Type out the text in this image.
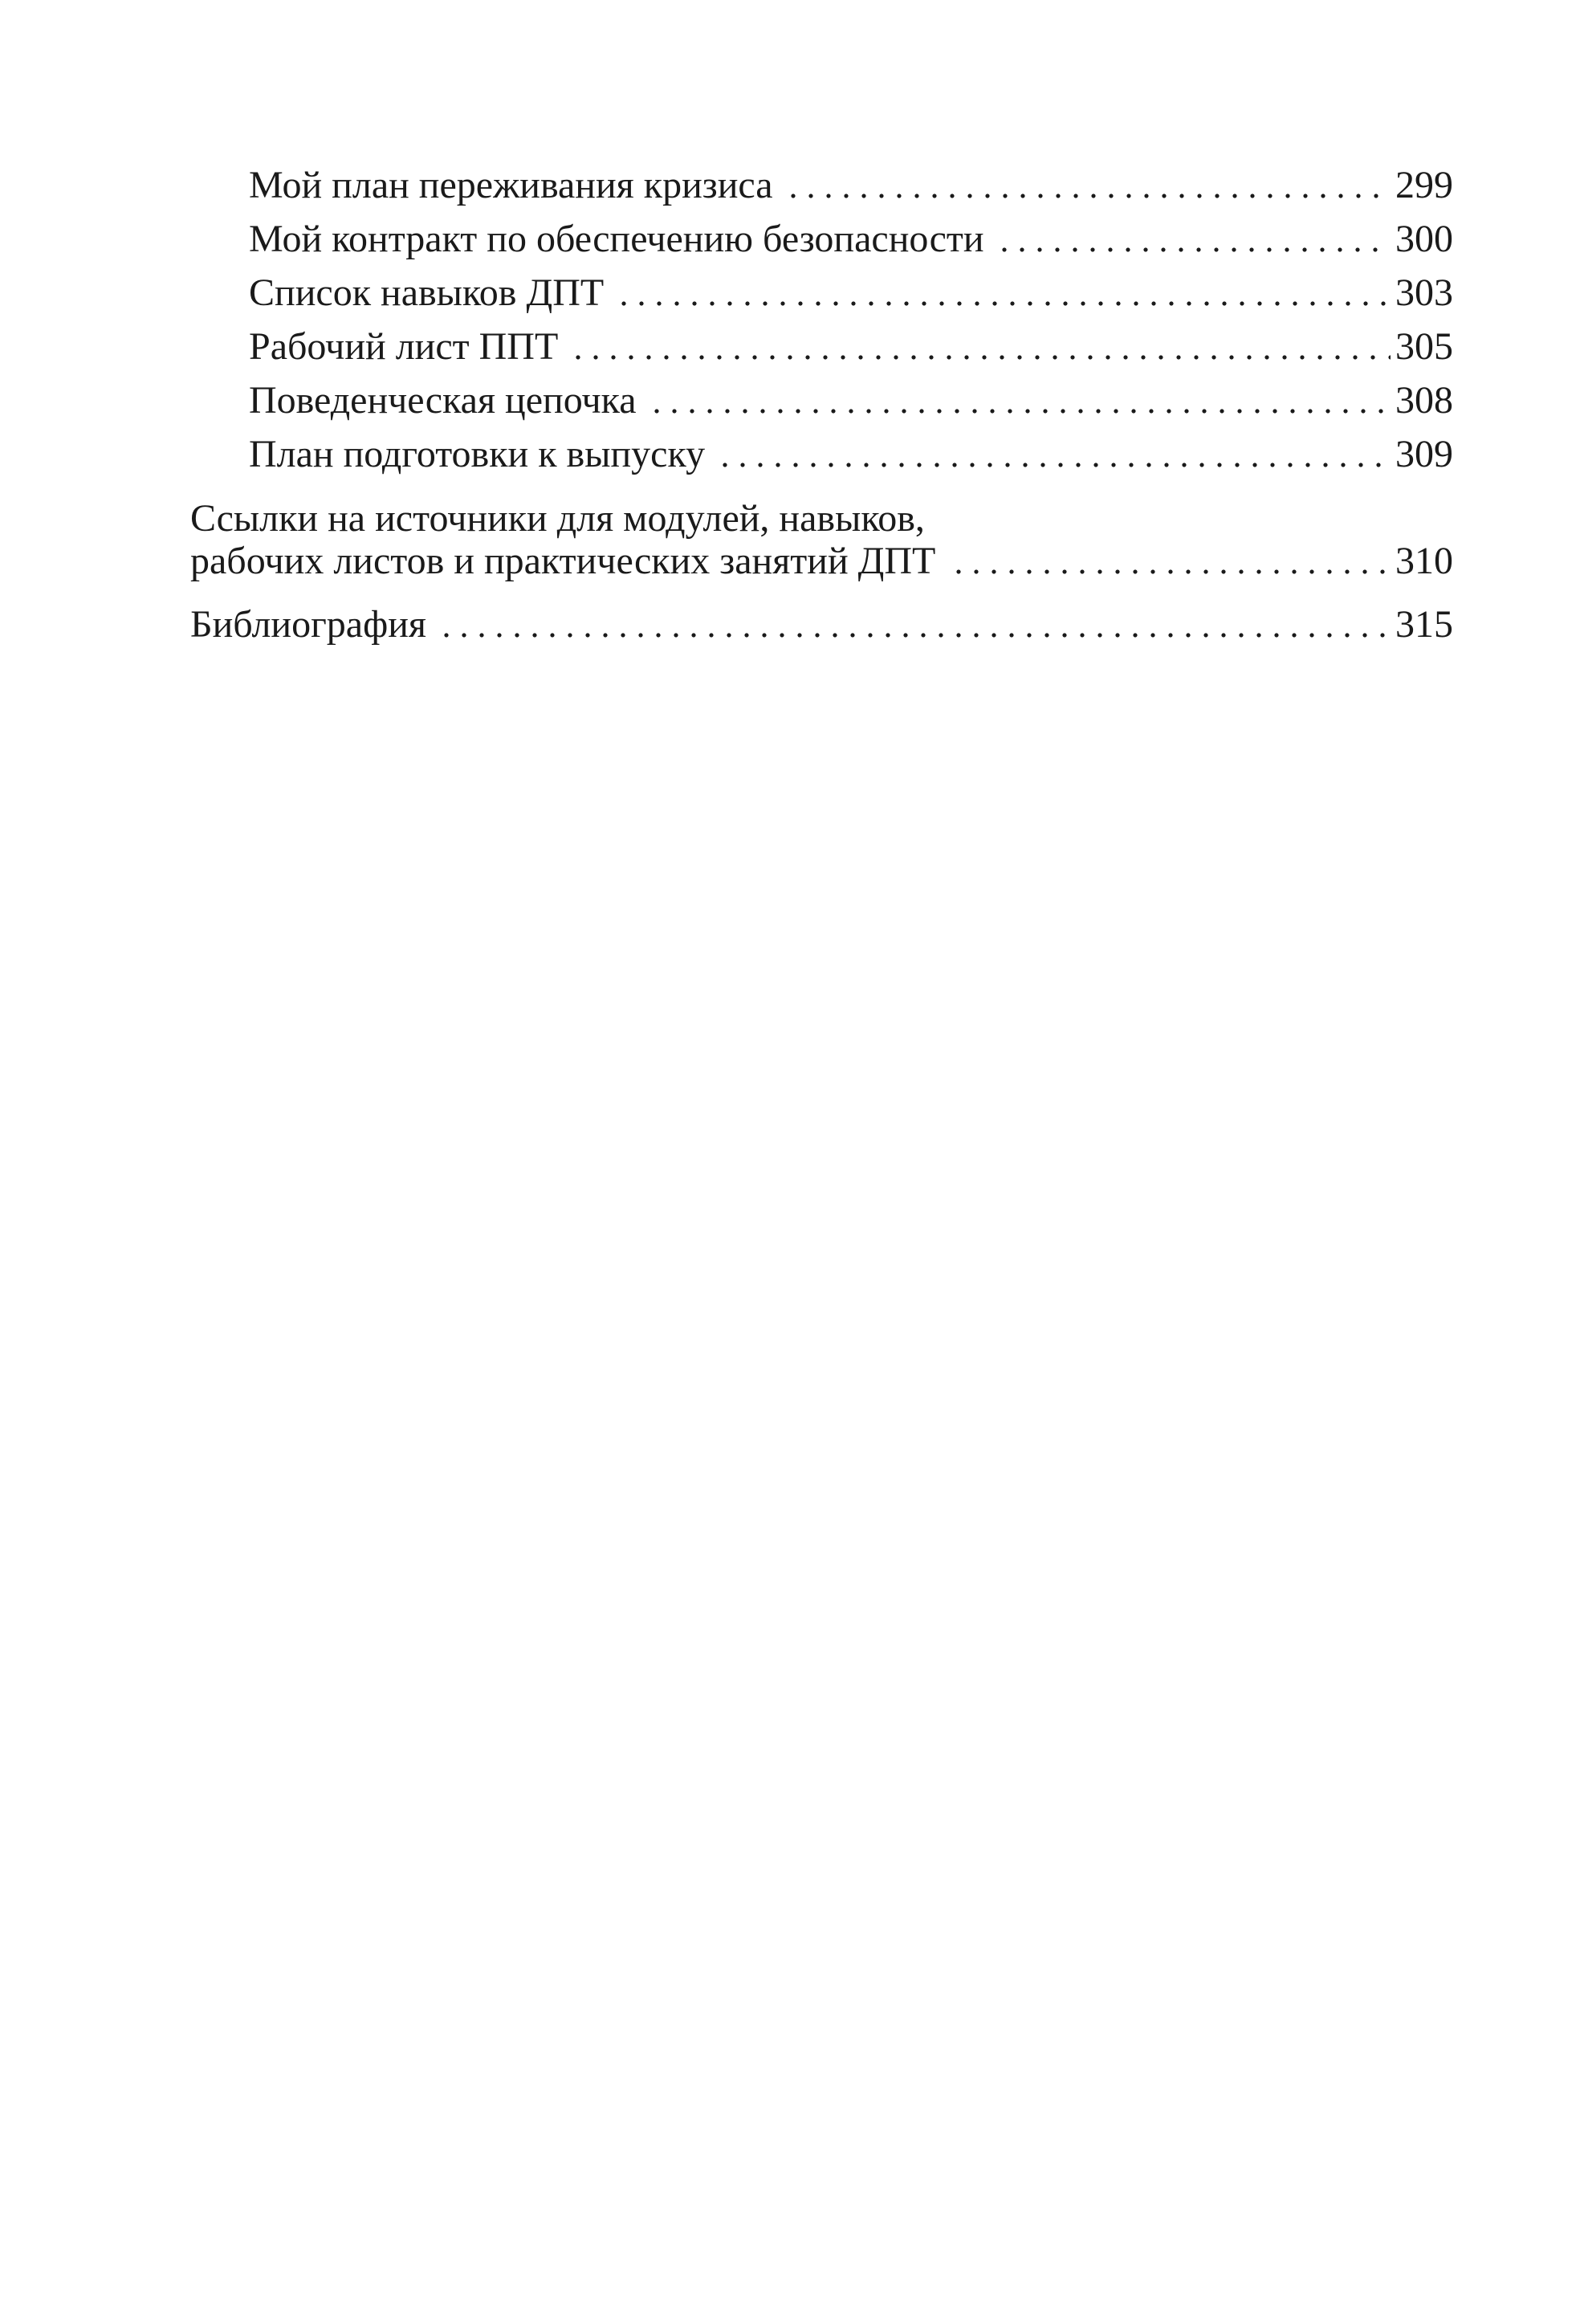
Мой план переживания кризиса	299
Мой контракт по обеспечению безопасности	300
Список навыков ДПТ	303
Рабочий лист ППТ	305
Поведенческая цепочка	308
План подготовки к выпуску	309
Ссылки на источники для модулей, навыков,
рабочих листов и практических занятий ДПТ	310
Библиография	315
